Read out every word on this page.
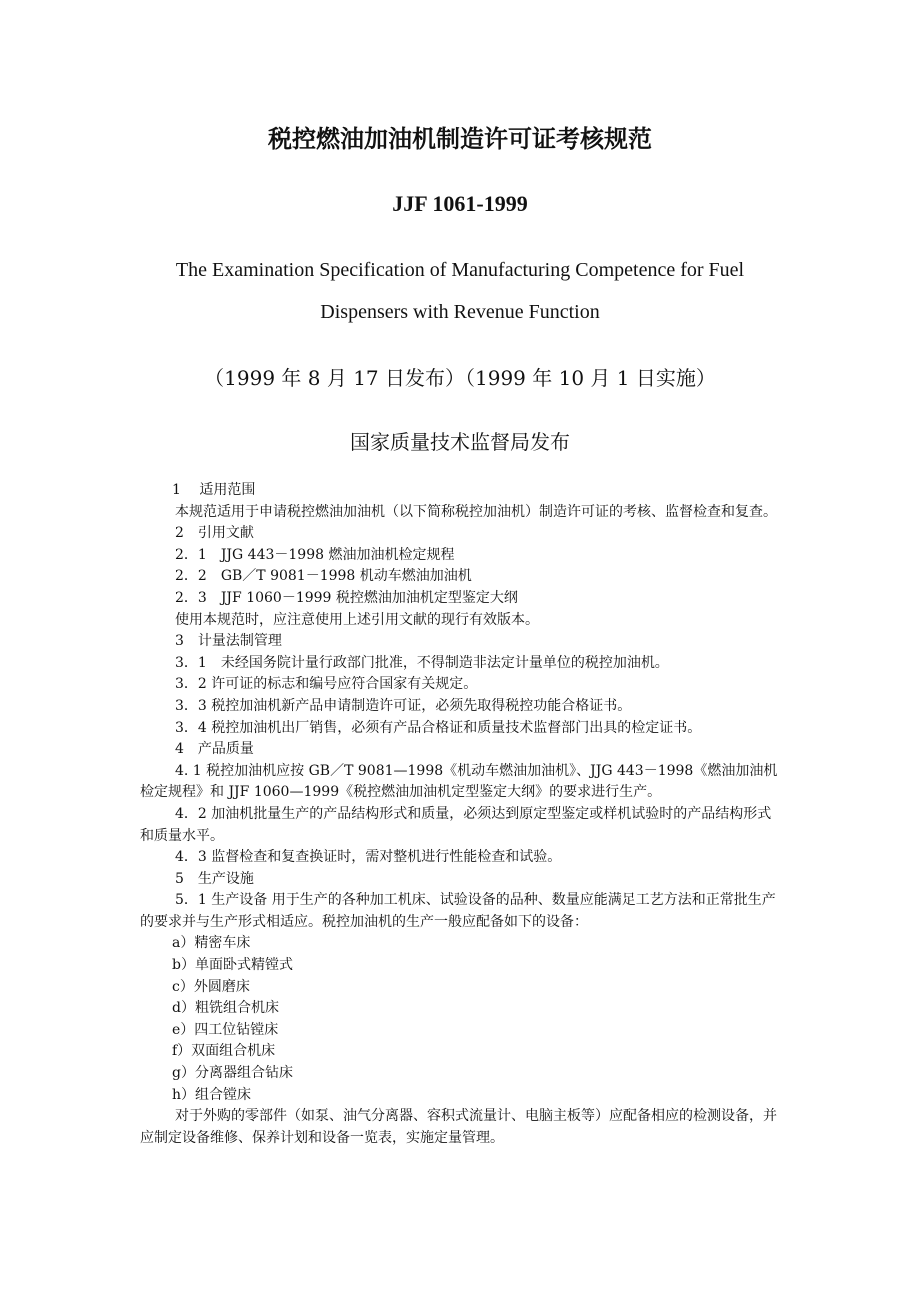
税控燃油加油机制造许可证考核规范
JJF 1061-1999
The Examination Specification of Manufacturing Competence for Fuel
Dispensers with Revenue Function
（1999 年 8 月 17 日发布）（1999 年 10 月 1 日实施）
国家质量技术监督局发布

1　 适用范围

本规范适用于申请税控燃油加油机（以下简称税控加油机）制造许可证的考核、监督检查和复查。

2　引用文献

2．1　JJG 443－1998 燃油加油机检定规程

2．2　GB／T 9081－1998 机动车燃油加油机

2．3　JJF 1060－1999 税控燃油加油机定型鉴定大纲

使用本规范时，应注意使用上述引用文献的现行有效版本。

3　计量法制管理

3．1　未经国务院计量行政部门批准，不得制造非法定计量单位的税控加油机。

3．2 许可证的标志和编号应符合国家有关规定。

3．3 税控加油机新产品申请制造许可证，必须先取得税控功能合格证书。

3．4 税控加油机出厂销售，必须有产品合格证和质量技术监督部门出具的检定证书。

4　产品质量

4. 1 税控加油机应按 GB／T 9081—1998《机动车燃油加油机》、JJG 443－1998《燃油加油机检定规程》和 JJF 1060—1999《税控燃油加油机定型鉴定大纲》的要求进行生产。

4．2 加油机批量生产的产品结构形式和质量，必须达到原定型鉴定或样机试验时的产品结构形式和质量水平。

4．3 监督检查和复查换证时，需对整机进行性能检查和试验。

5　生产设施

5．1 生产设备 用于生产的各种加工机床、试验设备的品种、数量应能满足工艺方法和正常批生产的要求并与生产形式相适应。税控加油机的生产一般应配备如下的设备：

a）精密车床

b）单面卧式精镗式

c）外圆磨床

d）粗铣组合机床

e）四工位钻镗床

f）双面组合机床

g）分离器组合钻床

h）组合镗床

对于外购的零部件（如泵、油气分离器、容积式流量计、电脑主板等）应配备相应的检测设备，并应制定设备维修、保养计划和设备一览表，实施定量管理。
